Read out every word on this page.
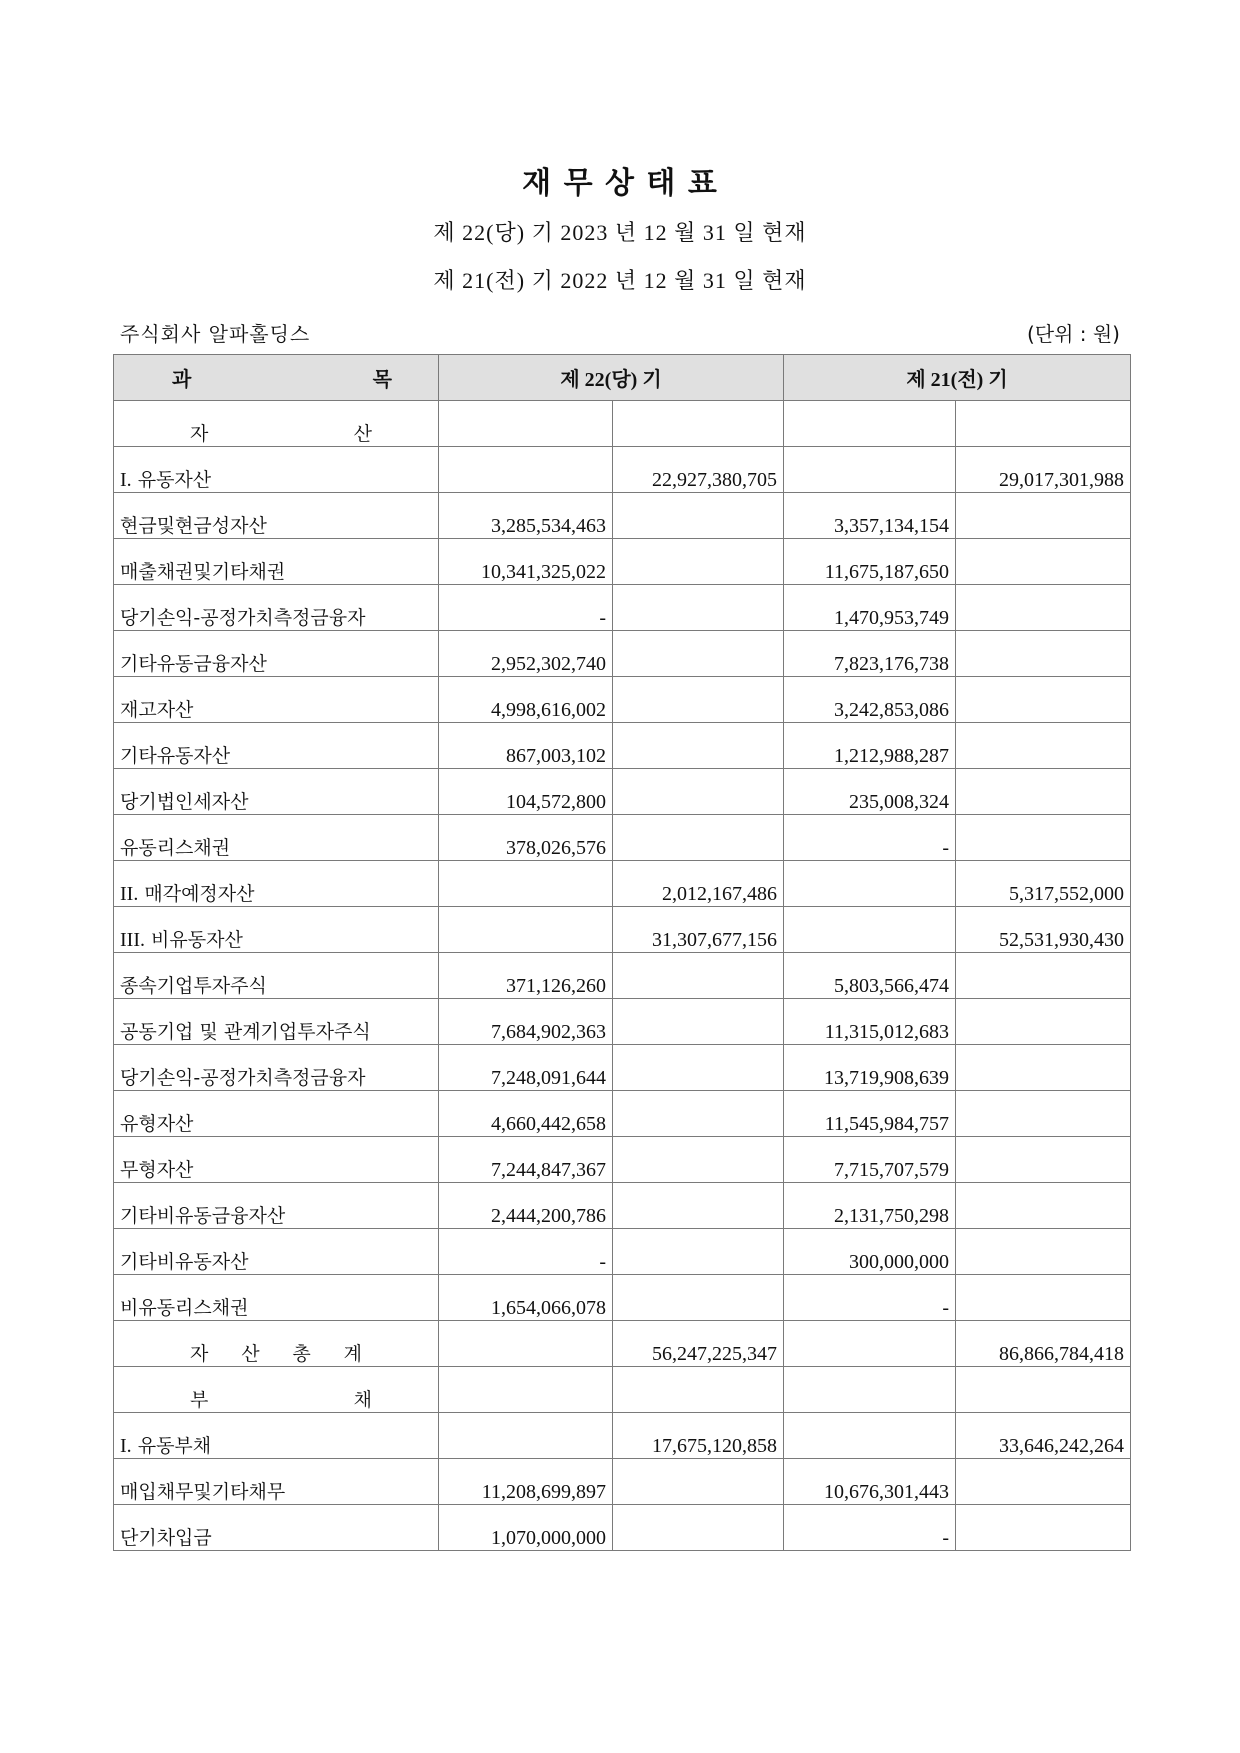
재 무 상 태 표
제 22(당) 기 2023 년 12 월 31 일 현재
제 21(전) 기 2022 년 12 월 31 일 현재
주식회사 알파홀딩스	(단위 : 원)
과 목	제 22(당) 기		제 21(전) 기	

자 산				

I. 유동자산		22,927,380,705		29,017,301,988
현금및현금성자산	3,285,534,463		3,357,134,154	
매출채권및기타채권	10,341,325,022		11,675,187,650	
당기손익-공정가치측정금융자	-		1,470,953,749	
기타유동금융자산	2,952,302,740		7,823,176,738	
재고자산	4,998,616,002		3,242,853,086	
기타유동자산	867,003,102		1,212,988,287	
당기법인세자산	104,572,800		235,008,324	
유동리스채권	378,026,576		-	
II. 매각예정자산		2,012,167,486		5,317,552,000
III. 비유동자산		31,307,677,156		52,531,930,430
종속기업투자주식	371,126,260		5,803,566,474	
공동기업 및 관계기업투자주식	7,684,902,363		11,315,012,683	
당기손익-공정가치측정금융자	7,248,091,644		13,719,908,639	
유형자산	4,660,442,658		11,545,984,757	
무형자산	7,244,847,367		7,715,707,579	
기타비유동금융자산	2,444,200,786		2,131,750,298	
기타비유동자산	-		300,000,000	
비유동리스채권	1,654,066,078		-	

자 산 총 계		56,247,225,347		86,866,784,418

부 채				

I. 유동부채		17,675,120,858		33,646,242,264
매입채무및기타채무	11,208,699,897		10,676,301,443	
단기차입금	1,070,000,000		-	
